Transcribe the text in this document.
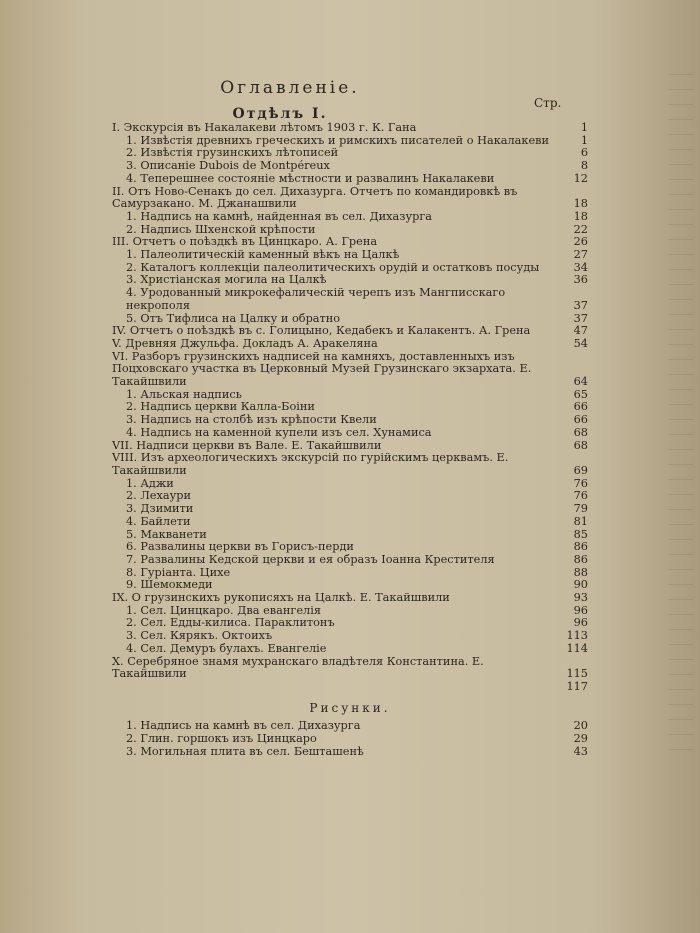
Оглавленіе.
Стр.
Отдѣлъ I.
I. Экскурсія въ Накалакеви лѣтомъ 1903 г. К. Гана	1
1. Извѣстія древнихъ греческихъ и римскихъ писателей о Накалакеви	1
2. Извѣстія грузинскихъ лѣтописей	6
3. Описаніе Dubois de Montpéreux	8
4. Теперешнее состояніе мѣстности и развалинъ Накалакеви	12
II. Отъ Ново-Сенакъ до сел. Дихазурга. Отчетъ по командировкѣ въ Самурзакано. М. Джанашвили	18
1. Надпись на камнѣ, найденная въ сел. Дихазурга	18
2. Надпись Шхенской крѣпости	22
III. Отчетъ о поѣздкѣ въ Цинцкаро. А. Грена	26
1. Палеолитическій каменный вѣкъ на Цалкѣ	27
2. Каталогъ коллекціи палеолитическихъ орудій и остатковъ посуды	34
3. Христіанская могила на Цалкѣ	36
4. Уродованный микрокефалическій черепъ изъ Мангписскаго некрополя	37
5. Отъ Тифлиса на Цалку и обратно	37
IV. Отчетъ о поѣздкѣ въ с. Голицыно, Кедабекъ и Калакентъ. А. Грена	47
V. Древняя Джульфа. Докладъ А. Аракеляна	54
VI. Разборъ грузинскихъ надписей на камняхъ, доставленныхъ изъ Поцховскаго участка въ Церковный Музей Грузинскаго экзархата. Е. Такайшвили	64
1. Альская надпись	65
2. Надпись церкви Калла-Боіни	66
3. Надпись на столбѣ изъ крѣпости Квели	66
4. Надпись на каменной купели изъ сел. Хунамиса	68
VII. Надписи церкви въ Вале. Е. Такайшвили	68
VIII. Изъ археологическихъ экскурсій по гурійскимъ церквамъ. Е. Такайшвили	69
1. Аджи	76
2. Лехаури	76
3. Дзимити	79
4. Байлети	81
5. Макванети	85
6. Развалины церкви въ Горисъ-перди	86
7. Развалины Кедской церкви и ея образъ Іоанна Крестителя	86
8. Гуріанта. Цихе	88
9. Шемокмеди	90
IX. О грузинскихъ рукописяхъ на Цалкѣ. Е. Такайшвили	93
1. Сел. Цинцкаро. Два евангелія	96
2. Сел. Едды-килиса. Параклитонъ	96
3. Сел. Кярякъ. Октоихъ	113
4. Сел. Демуръ булахъ. Евангеліе	114
X. Серебряное знамя мухранскаго владѣтеля Константина. Е. Такайшвили	115
117
Рисунки.
1. Надпись на камнѣ въ сел. Дихазурга	20
2. Глин. горшокъ изъ Цинцкаро	29
3. Могильная плита въ сел. Бешташенѣ	43
